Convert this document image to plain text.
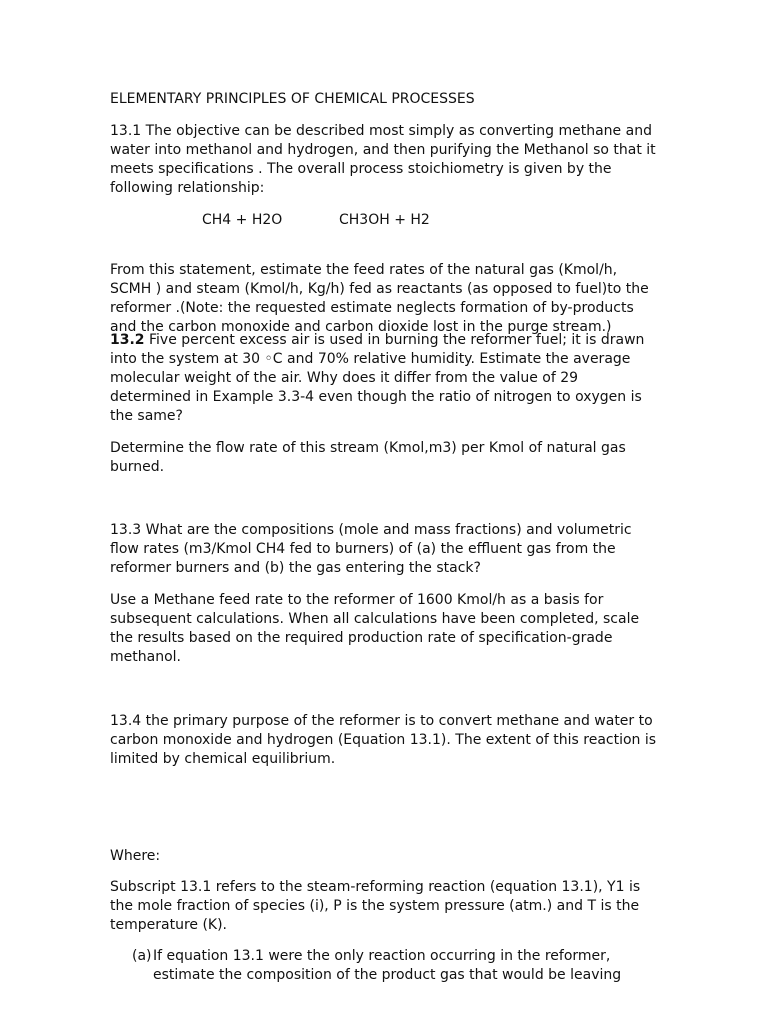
ELEMENTARY PRINCIPLES OF CHEMICAL PROCESSES

13.1 The objective can be described most simply as converting methane and water into methanol and hydrogen, and then purifying the Methanol so that it meets specifications . The overall process stoichiometry is given by the following relationship:

CH4 + H2O	CH3OH + H2

From this statement, estimate the feed rates of the natural gas (Kmol/h, SCMH ) and steam (Kmol/h, Kg/h) fed as reactants (as opposed to fuel)to the reformer .(Note: the requested estimate neglects formation of by-products and the carbon monoxide and carbon dioxide lost in the purge stream.)

13.2 Five percent excess air is used in burning the reformer fuel; it is drawn into the system at 30 ◦C and 70% relative humidity. Estimate the average molecular weight of the air. Why does it differ from the value of 29 determined in Example 3.3-4 even though the ratio of nitrogen to oxygen is the same?

Determine the flow rate of this stream (Kmol,m3) per Kmol of natural gas burned.

13.3 What are the compositions (mole and mass fractions) and volumetric flow rates (m3/Kmol CH4 fed to burners) of (a) the effluent gas from the reformer burners and (b) the gas entering the stack?

Use a Methane feed rate to the reformer of 1600 Kmol/h as a basis for subsequent calculations. When all calculations have been completed, scale the results based on the required production rate of specification-grade methanol.

13.4 the primary purpose of the reformer is to convert methane and water to carbon monoxide and hydrogen (Equation 13.1). The extent of this reaction is limited by chemical equilibrium.

Where:

Subscript 13.1 refers to the steam-reforming reaction (equation 13.1), Y1 is the mole fraction of species (i), P is the system pressure (atm.) and T is the temperature (K).

(a) If equation 13.1 were the only reaction occurring in the reformer, estimate the composition of the product gas that would be leaving
